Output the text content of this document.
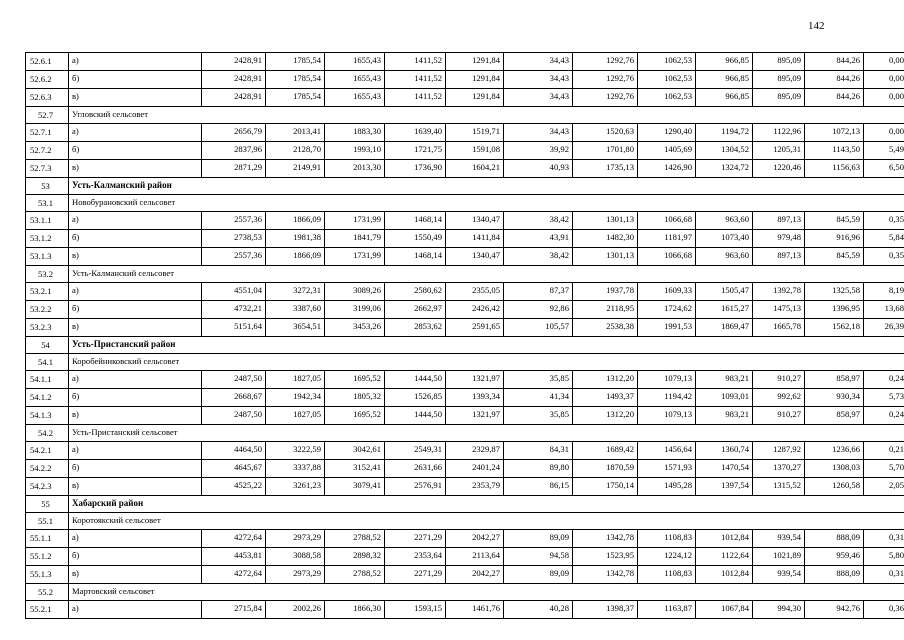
142
52.6.1	а)	2428,91	1785,54	1655,43	1411,52	1291,84	34,43	1292,76	1062,53	966,85	895,09	844,26	0,00
52.6.2	б)	2428,91	1785,54	1655,43	1411,52	1291,84	34,43	1292,76	1062,53	966,85	895,09	844,26	0,00
52.6.3	в)	2428,91	1785,54	1655,43	1411,52	1291,84	34,43	1292,76	1062,53	966,85	895,09	844,26	0,00
52.7	Угловский сельсовет												
52.7.1	а)	2656,79	2013,41	1883,30	1639,40	1519,71	34,43	1520,63	1290,40	1194,72	1122,96	1072,13	0,00
52.7.2	б)	2837,96	2128,70	1993,10	1721,75	1591,08	39,92	1701,80	1405,69	1304,52	1205,31	1143,50	5,49
52.7.3	в)	2871,29	2149,91	2013,30	1736,90	1604,21	40,93	1735,13	1426,90	1324,72	1220,46	1156,63	6,50
53	Усть-Калманский район												
53.1	Новобурановский сельсовет												
53.1.1	а)	2557,36	1866,09	1731,99	1468,14	1340,47	38,42	1301,13	1066,68	963,60	897,13	845,59	0,35
53.1.2	б)	2738,53	1981,38	1841,79	1550,49	1411,84	43,91	1482,30	1181,97	1073,40	979,48	916,96	5,84
53.1.3	в)	2557,36	1866,09	1731,99	1468,14	1340,47	38,42	1301,13	1066,68	963,60	897,13	845,59	0,35
53.2	Усть-Калманский сельсовет												
53.2.1	а)	4551,04	3272,31	3089,26	2580,62	2355,05	87,37	1937,78	1609,33	1505,47	1392,78	1325,58	8,19
53.2.2	б)	4732,21	3387,60	3199,06	2662,97	2426,42	92,86	2118,95	1724,62	1615,27	1475,13	1396,95	13,68
53.2.3	в)	5151,64	3654,51	3453,26	2853,62	2591,65	105,57	2538,38	1991,53	1869,47	1665,78	1562,18	26,39
54	Усть-Пристанский район												
54.1	Коробейниковский сельсовет												
54.1.1	а)	2487,50	1827,05	1695,52	1444,50	1321,97	35,85	1312,20	1079,13	983,21	910,27	858,97	0,24
54.1.2	б)	2668,67	1942,34	1805,32	1526,85	1393,34	41,34	1493,37	1194,42	1093,01	992,62	930,34	5,73
54.1.3	в)	2487,50	1827,05	1695,52	1444,50	1321,97	35,85	1312,20	1079,13	983,21	910,27	858,97	0,24
54.2	Усть-Пристанский сельсовет												
54.2.1	а)	4464,50	3222,59	3042,61	2549,31	2329,87	84,31	1689,42	1456,64	1360,74	1287,92	1236,66	0,21
54.2.2	б)	4645,67	3337,88	3152,41	2631,66	2401,24	89,80	1870,59	1571,93	1470,54	1370,27	1308,03	5,70
54.2.3	в)	4525,22	3261,23	3079,41	2576,91	2353,79	86,15	1750,14	1495,28	1397,54	1315,52	1260,58	2,05
55	Хабарский район												
55.1	Коротоякский сельсовет												
55.1.1	а)	4272,64	2973,29	2788,52	2271,29	2042,27	89,09	1342,78	1108,83	1012,84	939,54	888,09	0,31
55.1.2	б)	4453,81	3088,58	2898,32	2353,64	2113,64	94,58	1523,95	1224,12	1122,64	1021,89	959,46	5,80
55.1.3	в)	4272,64	2973,29	2788,52	2271,29	2042,27	89,09	1342,78	1108,83	1012,84	939,54	888,09	0,31
55.2	Мартовский сельсовет												
55.2.1	а)	2715,84	2002,26	1866,30	1593,15	1461,76	40,28	1398,37	1163,87	1067,84	994,30	942,76	0,36
